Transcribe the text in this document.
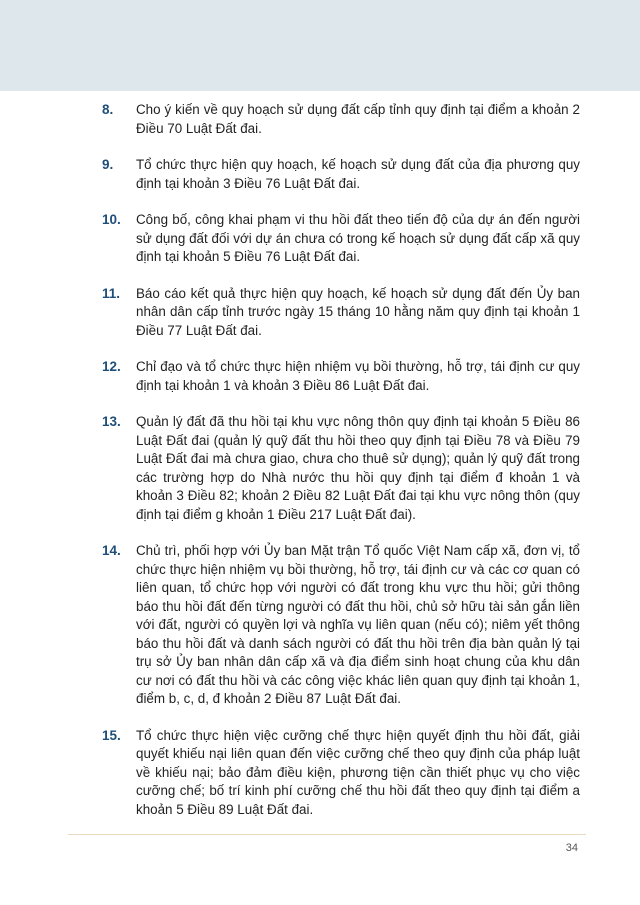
8.	Cho ý kiến về quy hoạch sử dụng đất cấp tỉnh quy định tại điểm a khoản 2 Điều 70 Luật Đất đai.
9.	Tổ chức thực hiện quy hoạch, kế hoạch sử dụng đất của địa phương quy định tại khoản 3 Điều 76 Luật Đất đai.
10.	Công bố, công khai phạm vi thu hồi đất theo tiến độ của dự án đến người sử dụng đất đối với dự án chưa có trong kế hoạch sử dụng đất cấp xã quy định tại khoản 5 Điều 76 Luật Đất đai.
11.	Báo cáo kết quả thực hiện quy hoạch, kế hoạch sử dụng đất đến Ủy ban nhân dân cấp tỉnh trước ngày 15 tháng 10 hằng năm quy định tại khoản 1 Điều 77 Luật Đất đai.
12.	Chỉ đạo và tổ chức thực hiện nhiệm vụ bồi thường, hỗ trợ, tái định cư quy định tại khoản 1 và khoản 3 Điều 86 Luật Đất đai.
13.	Quản lý đất đã thu hồi tại khu vực nông thôn quy định tại khoản 5 Điều 86 Luật Đất đai (quản lý quỹ đất thu hồi theo quy định tại Điều 78 và Điều 79 Luật Đất đai mà chưa giao, chưa cho thuê sử dụng); quản lý quỹ đất trong các trường hợp do Nhà nước thu hồi quy định tại điểm đ khoản 1 và khoản 3 Điều 82; khoản 2 Điều 82 Luật Đất đai tại khu vực nông thôn (quy định tại điểm g khoản 1 Điều 217 Luật Đất đai).
14.	Chủ trì, phối hợp với Ủy ban Mặt trận Tổ quốc Việt Nam cấp xã, đơn vị, tổ chức thực hiện nhiệm vụ bồi thường, hỗ trợ, tái định cư và các cơ quan có liên quan, tổ chức họp với người có đất trong khu vực thu hồi; gửi thông báo thu hồi đất đến từng người có đất thu hồi, chủ sở hữu tài sản gắn liền với đất, người có quyền lợi và nghĩa vụ liên quan (nếu có); niêm yết thông báo thu hồi đất và danh sách người có đất thu hồi trên địa bàn quản lý tại trụ sở Ủy ban nhân dân cấp xã và địa điểm sinh hoạt chung của khu dân cư nơi có đất thu hồi và các công việc khác liên quan quy định tại khoản 1, điểm b, c, d, đ khoản 2 Điều 87 Luật Đất đai.
15.	Tổ chức thực hiện việc cưỡng chế thực hiện quyết định thu hồi đất, giải quyết khiếu nại liên quan đến việc cưỡng chế theo quy định của pháp luật về khiếu nại; bảo đảm điều kiện, phương tiện cần thiết phục vụ cho việc cưỡng chế; bố trí kinh phí cưỡng chế thu hồi đất theo quy định tại điểm a khoản 5 Điều 89 Luật Đất đai.
34
